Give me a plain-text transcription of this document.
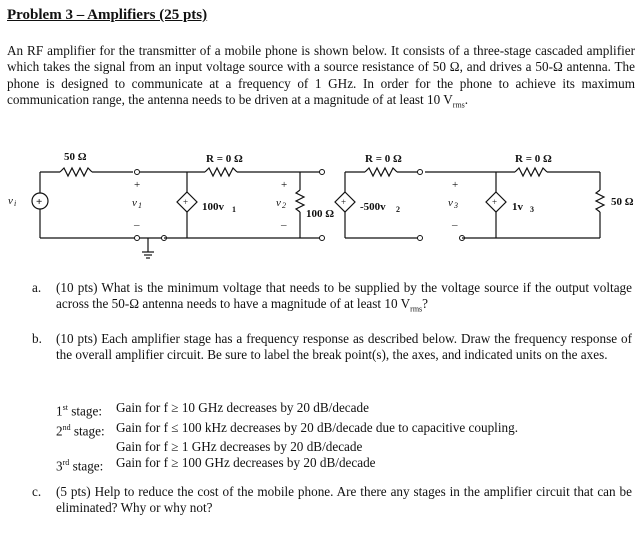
Problem 3 – Amplifiers (25 pts)
An RF amplifier for the transmitter of a mobile phone is shown below. It consists of a three-stage cascaded amplifier which takes the signal from an input voltage source with a source resistance of 50 Ω, and drives a 50-Ω antenna. The phone is designed to communicate at a frequency of 1 GHz. In order for the phone to achieve its maximum communication range, the antenna needs to be driven at a magnitude of at least 10 $V_{rms}$.
+
v i
50 Ω
+
–
v 1
R = 0 Ω
+ 100v 1
+
–
v 2
100 Ω
R = 0 Ω
+ -500v 2
+
–
v 3
R = 0 Ω
+ 1v 3
50 Ω
a. (10 pts) What is the minimum voltage that needs to be supplied by the voltage source if the output voltage across the 50-Ω antenna needs to have a magnitude of at least 10 $V_{rms}$?
b. (10 pts) Each amplifier stage has a frequency response as described below. Draw the frequency response of the overall amplifier circuit. Be sure to label the break point(s), the axes, and indicated units on the axes.
1st stage:	Gain for f ≥ 10 GHz decreases by 20 dB/decade
2nd stage: Gain for f ≤ 100 kHz decreases by 20 dB/decade due to capacitive coupling.
Gain for f ≥ 1 GHz decreases by 20 dB/decade
3rd stage: Gain for f ≥ 100 GHz decreases by 20 dB/decade
c. (5 pts) Help to reduce the cost of the mobile phone. Are there any stages in the amplifier circuit that can be eliminated? Why or why not?
